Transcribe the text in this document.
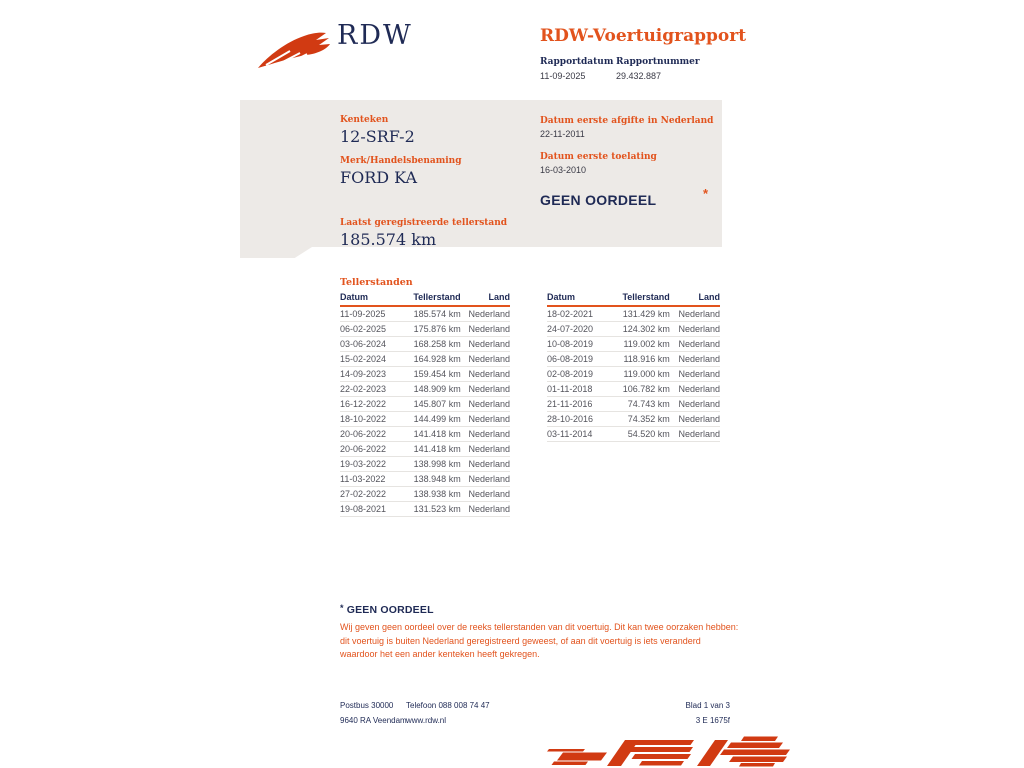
RDW	RDW-Voertuigrapport
Rapportdatum
11-09-2025
Rapportnummer
29.432.887
Kenteken
12-SRF-2
Merk/Handelsbenaming
FORD KA
Laatst geregistreerde tellerstand
185.574 km
Datum eerste afgifte in Nederland
22-11-2011
Datum eerste toelating
16-03-2010
GEEN OORDEEL	*
Tellerstanden
Datum	Tellerstand	Land
11-09-2025	185.574 km	Nederland
06-02-2025	175.876 km	Nederland
03-06-2024	168.258 km	Nederland
15-02-2024	164.928 km	Nederland
14-09-2023	159.454 km	Nederland
22-02-2023	148.909 km	Nederland
16-12-2022	145.807 km	Nederland
18-10-2022	144.499 km	Nederland
20-06-2022	141.418 km	Nederland
20-06-2022	141.418 km	Nederland
19-03-2022	138.998 km	Nederland
11-03-2022	138.948 km	Nederland
27-02-2022	138.938 km	Nederland
19-08-2021	131.523 km	Nederland
Datum	Tellerstand	Land
18-02-2021	131.429 km	Nederland
24-07-2020	124.302 km	Nederland
10-08-2019	119.002 km	Nederland
06-08-2019	118.916 km	Nederland
02-08-2019	119.000 km	Nederland
01-11-2018	106.782 km	Nederland
21-11-2016	74.743 km	Nederland
28-10-2016	74.352 km	Nederland
03-11-2014	54.520 km	Nederland
* GEEN OORDEEL

Wij geven geen oordeel over de reeks tellerstanden van dit voertuig. Dit kan twee oorzaken hebben: dit voertuig is buiten Nederland geregistreerd geweest, of aan dit voertuig is iets veranderd waardoor het een ander kenteken heeft gekregen.

Postbus 30000

9640 RA Veendam

Telefoon 088 008 74 47

www.rdw.nl

Blad 1 van 3

3 E 1675f
